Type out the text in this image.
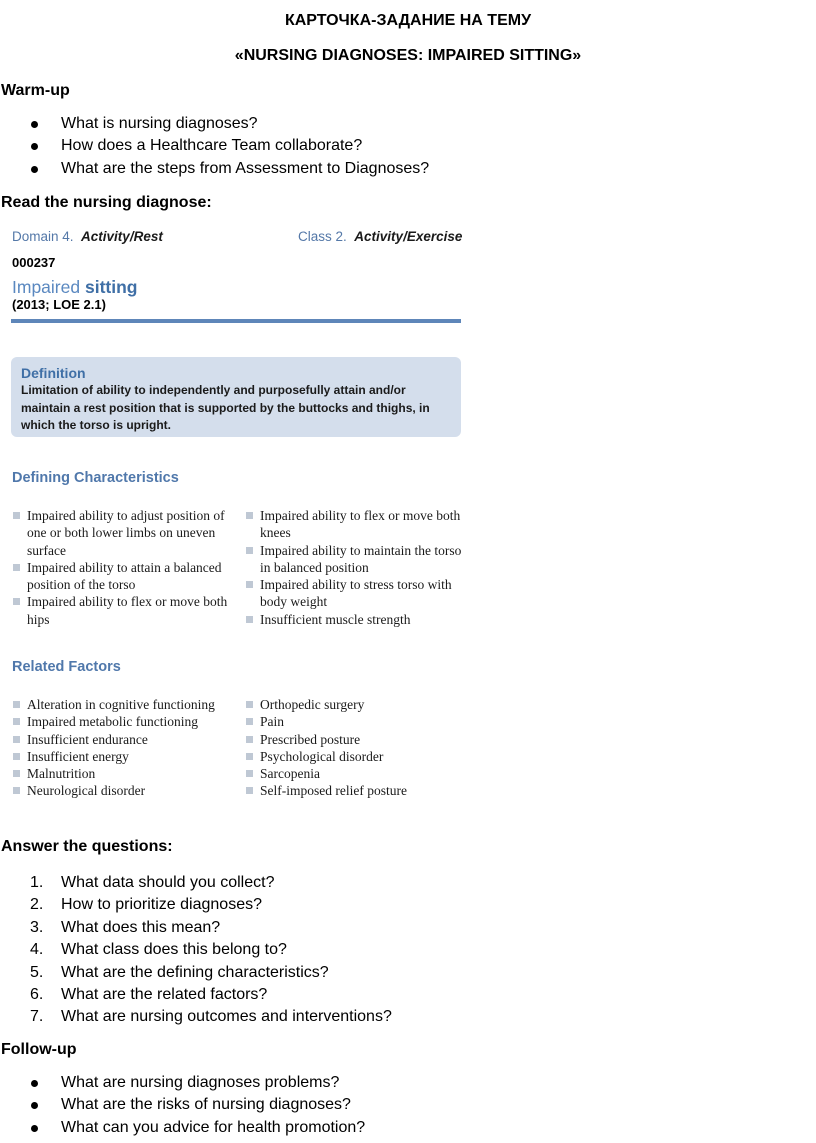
КАРТОЧКА-ЗАДАНИЕ НА ТЕМУ
«NURSING DIAGNOSES: IMPAIRED SITTING»
Warm-up
What is nursing diagnoses?
How does a Healthcare Team collaborate?
What are the steps from Assessment to Diagnoses?
Read the nursing diagnose:
Domain 4. Activity/Rest	Class 2. Activity/Exercise
000237
Impaired sitting
(2013; LOE 2.1)
Definition
Limitation of ability to independently and purposefully attain and/or maintain a rest position that is supported by the buttocks and thighs, in which the torso is upright.
Defining Characteristics
Impaired ability to adjust position of one or both lower limbs on uneven surface
Impaired ability to attain a balanced position of the torso
Impaired ability to flex or move both hips
Impaired ability to flex or move both knees
Impaired ability to maintain the torso in balanced position
Impaired ability to stress torso with body weight
Insufficient muscle strength
Related Factors
Alteration in cognitive functioning
Impaired metabolic functioning
Insufficient endurance
Insufficient energy
Malnutrition
Neurological disorder
Orthopedic surgery
Pain
Prescribed posture
Psychological disorder
Sarcopenia
Self-imposed relief posture
Answer the questions:
1.	What data should you collect?
2.	How to prioritize diagnoses?
3.	What does this mean?
4.	What class does this belong to?
5.	What are the defining characteristics?
6.	What are the related factors?
7.	What are nursing outcomes and interventions?
Follow-up
What are nursing diagnoses problems?
What are the risks of nursing diagnoses?
What can you advice for health promotion?
